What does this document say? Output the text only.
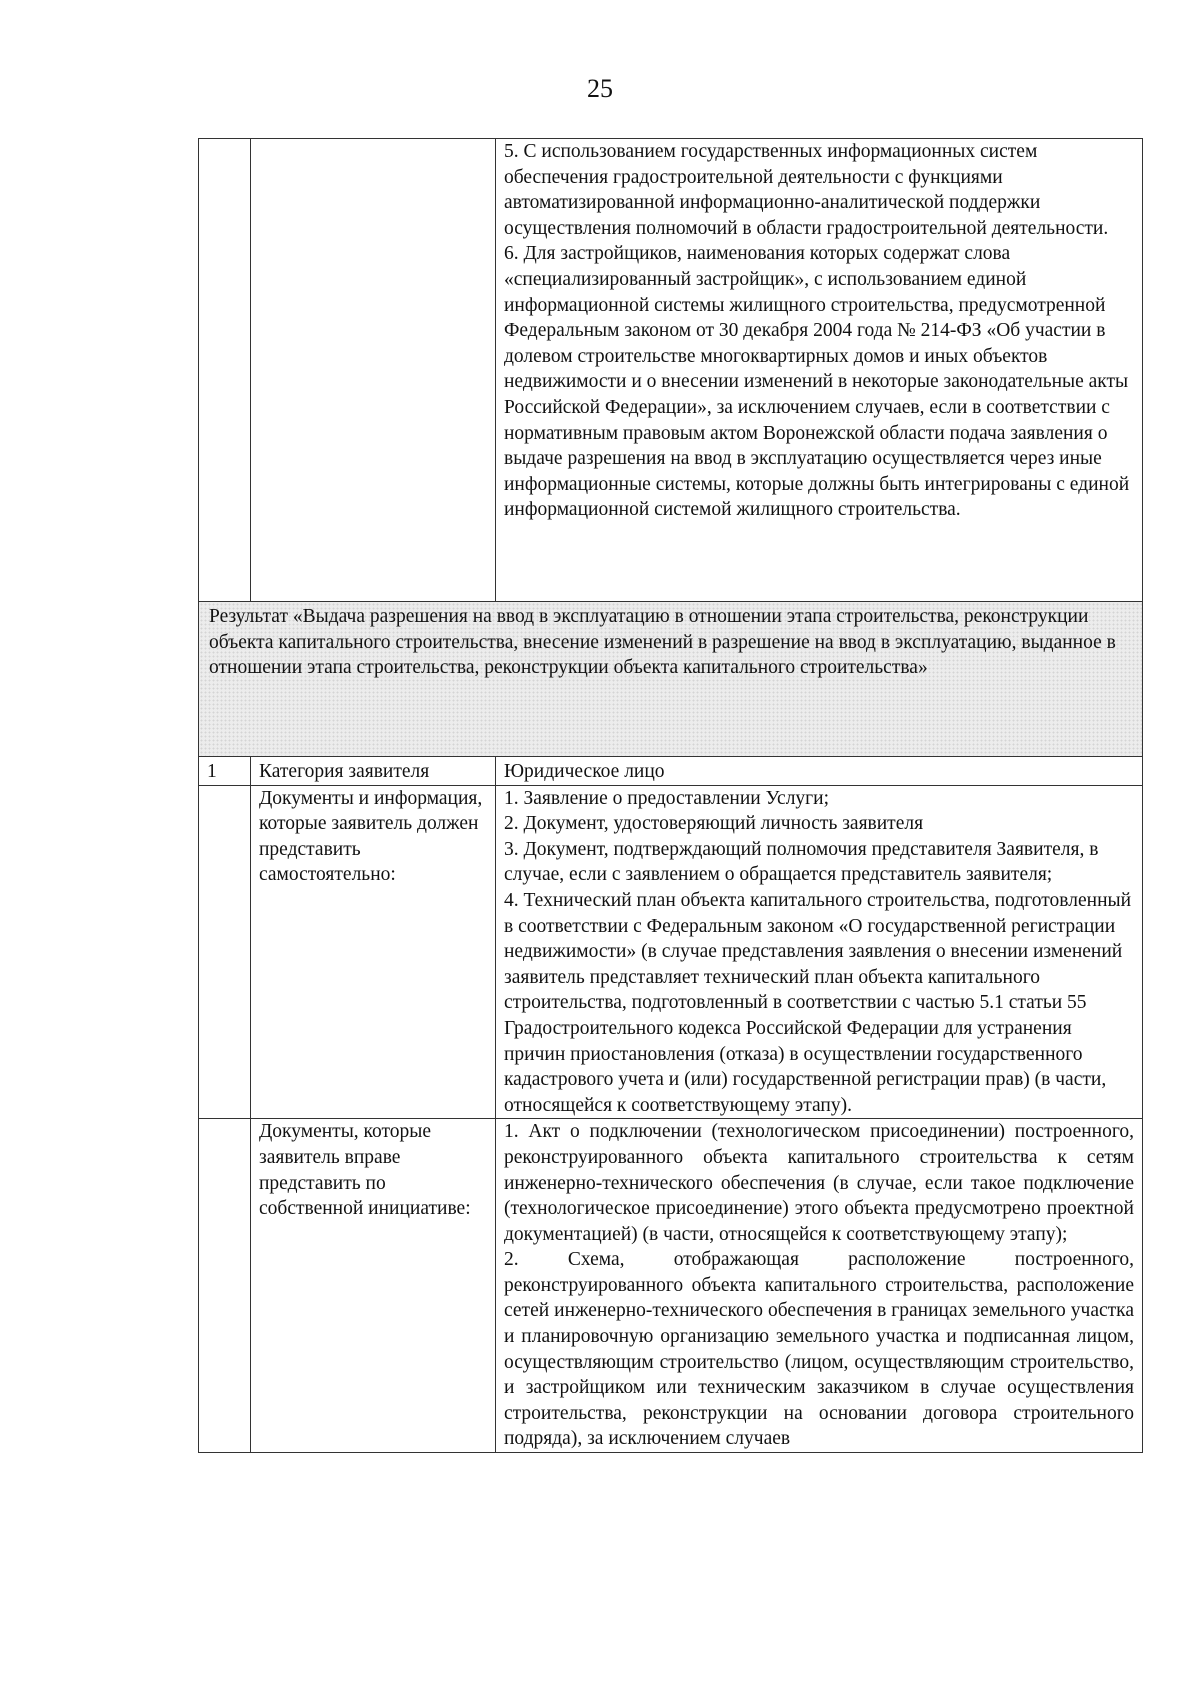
25

		5. С использованием государственных информационных систем обеспечения градостроительной деятельности с функциями автоматизированной информационно-аналитической поддержки осуществления полномочий в области градостроительной деятельности.

6. Для застройщиков, наименования которых содержат слова «специализированный застройщик», с использованием единой информационной системы жилищного строительства, предусмотренной Федеральным законом от 30 декабря 2004 года № 214-ФЗ «Об участии в долевом строительстве многоквартирных домов и иных объектов недвижимости и о внесении изменений в некоторые законодательные акты Российской Федерации», за исключением случаев, если в соответствии с нормативным правовым актом Воронежской области подача заявления о выдаче разрешения на ввод в эксплуатацию осуществляется через иные информационные системы, которые должны быть интегрированы с единой информационной системой жилищного строительства.

Результат «Выдача разрешения на ввод в эксплуатацию в отношении этапа строительства, реконструкции объекта капитального строительства, внесение изменений в разрешение на ввод в эксплуатацию, выданное в отношении этапа строительства, реконструкции объекта капитального строительства»		
1	Категория заявителя	Юридическое лицо
	Документы и информация, которые заявитель должен представить самостоятельно:	1. Заявление о предоставлении Услуги;

2. Документ, удостоверяющий личность заявителя

3. Документ, подтверждающий полномочия представителя Заявителя, в случае, если с заявлением о обращается представитель заявителя;

4. Технический план объекта капитального строительства, подготовленный в соответствии с Федеральным законом «О государственной регистрации недвижимости» (в случае представления заявления о внесении изменений заявитель представляет технический план объекта капитального строительства, подготовленный в соответствии с частью 5.1 статьи 55 Градостроительного кодекса Российской Федерации для устранения причин приостановления (отказа) в осуществлении государственного кадастрового учета и (или) государственной регистрации прав) (в части, относящейся к соответствующему этапу).

	Документы, которые заявитель вправе представить по собственной инициативе:	1. Акт о подключении (технологическом присоединении) построенного, реконструированного объекта капитального строительства к сетям инженерно-технического обеспечения (в случае, если такое подключение (технологическое присоединение) этого объекта предусмотрено проектной документацией) (в части, относящейся к соответствующему этапу);

2. Схема, отображающая расположение построенного, реконструированного объекта капитального строительства, расположение сетей инженерно-технического обеспечения в границах земельного участка и планировочную организацию земельного участка и подписанная лицом, осуществляющим строительство (лицом, осуществляющим строительство, и застройщиком или техническим заказчиком в случае осуществления строительства, реконструкции на основании договора строительного подряда), за исключением случаев
